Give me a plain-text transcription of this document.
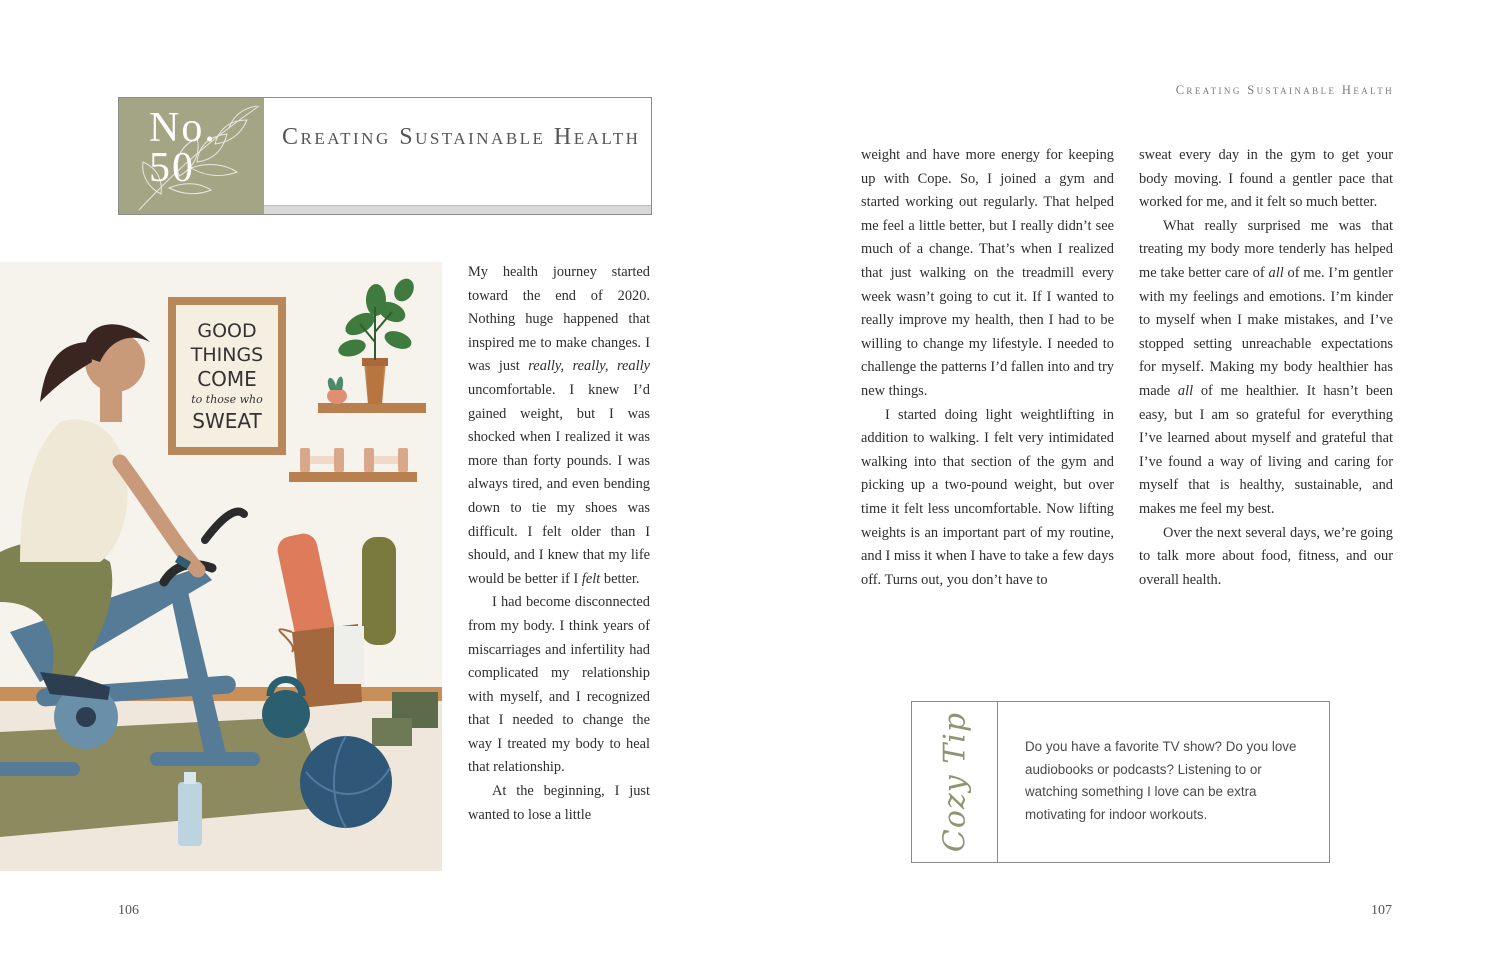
No. 50
Creating Sustainable Health
GOOD
THINGS
COME
to those who
SWEAT

My health journey started toward the end of 2020. Nothing huge happened that inspired me to make changes. I was just really, really, really uncomfortable. I knew I’d gained weight, but I was shocked when I realized it was more than forty pounds. I was always tired, and even bending down to tie my shoes was difficult. I felt older than I should, and I knew that my life would be better if I felt better.

I had become disconnected from my body. I think years of miscarriages and infertility had complicated my relationship with myself, and I recognized that I needed to change the way I treated my body to heal that relationship.

At the beginning, I just wanted to lose a little

106
Creating Sustainable Health

weight and have more energy for keeping up with Cope. So, I joined a gym and started working out regularly. That helped me feel a little better, but I really didn’t see much of a change. That’s when I realized that just walking on the treadmill every week wasn’t going to cut it. If I wanted to really improve my health, then I had to be willing to change my lifestyle. I needed to challenge the patterns I’d fallen into and try new things.

I started doing light weightlifting in addition to walking. I felt very intimidated walking into that section of the gym and picking up a two-pound weight, but over time it felt less uncomfortable. Now lifting weights is an important part of my routine, and I miss it when I have to take a few days off. Turns out, you don’t have to

sweat every day in the gym to get your body moving. I found a gentler pace that worked for me, and it felt so much better.

What really surprised me was that treating my body more tenderly has helped me take better care of all of me. I’m gentler with my feelings and emotions. I’m kinder to myself when I make mistakes, and I’ve stopped setting unreachable expectations for myself. Making my body healthier has made all of me healthier. It hasn’t been easy, but I am so grateful for everything I’ve learned about myself and grateful that I’ve found a way of living and caring for myself that is healthy, sustainable, and makes me feel my best.

Over the next several days, we’re going to talk more about food, fitness, and our overall health.

Cozy Tip	Do you have a favorite TV show? Do you love audiobooks or podcasts? Listening to or watching something I love can be extra motivating for indoor workouts.
107
